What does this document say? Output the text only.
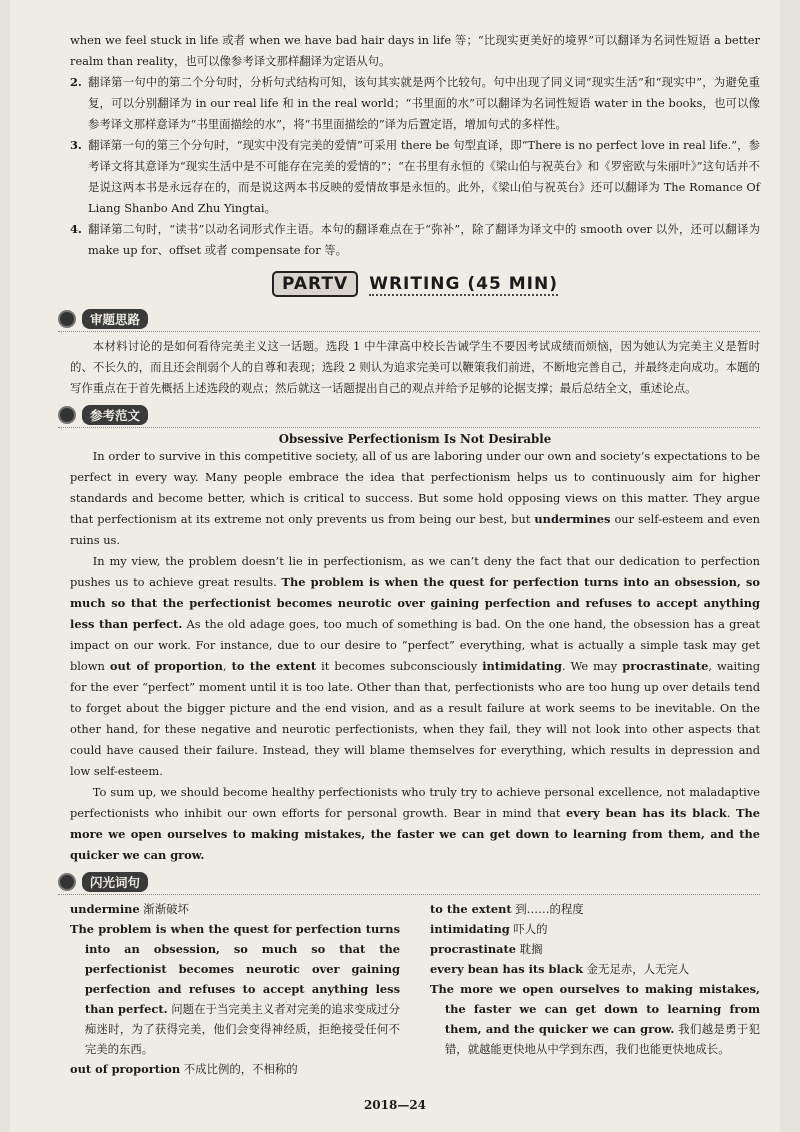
when we feel stuck in life 或者 when we have bad hair days in life 等；“比现实更美好的境界”可以翻译为名词性短语 a better realm than reality，也可以像参考译文那样翻译为定语从句。

2. 翻译第一句中的第二个分句时，分析句式结构可知，该句其实就是两个比较句。句中出现了同义词“现实生活”和“现实中”，为避免重复，可以分别翻译为 in our real life 和 in the real world；“书里面的水”可以翻译为名词性短语 water in the books，也可以像参考译文那样意译为“书里面描绘的水”，将“书里面描绘的”译为后置定语，增加句式的多样性。
3. 翻译第一句的第三个分句时，“现实中没有完美的爱情”可采用 there be 句型直译，即“There is no perfect love in real life.”，参考译文将其意译为“现实生活中是不可能存在完美的爱情的”；“在书里有永恒的《梁山伯与祝英台》和《罗密欧与朱丽叶》”这句话并不是说这两本书是永远存在的，而是说这两本书反映的爱情故事是永恒的。此外，《梁山伯与祝英台》还可以翻译为 The Romance Of Liang Shanbo And Zhu Yingtai。
4. 翻译第二句时，“读书”以动名词形式作主语。本句的翻译难点在于“弥补”，除了翻译为译文中的 smooth over 以外，还可以翻译为 make up for、offset 或者 compensate for 等。
PARTⅤ WRITING (45 MIN)
审题思路

本材料讨论的是如何看待完美主义这一话题。选段 1 中牛津高中校长告诫学生不要因考试成绩而烦恼，因为她认为完美主义是暂时的、不长久的，而且还会削弱个人的自尊和表现；选段 2 则认为追求完美可以鞭策我们前进，不断地完善自己，并最终走向成功。本题的写作重点在于首先概括上述选段的观点；然后就这一话题提出自己的观点并给予足够的论据支撑；最后总结全文，重述论点。

参考范文
Obsessive Perfectionism Is Not Desirable

In order to survive in this competitive society, all of us are laboring under our own and society’s expectations to be perfect in every way. Many people embrace the idea that perfectionism helps us to continuously aim for higher standards and become better, which is critical to success. But some hold opposing views on this matter. They argue that perfectionism at its extreme not only prevents us from being our best, but undermines our self-esteem and even ruins us.

In my view, the problem doesn’t lie in perfectionism, as we can’t deny the fact that our dedication to perfection pushes us to achieve great results. The problem is when the quest for perfection turns into an obsession, so much so that the perfectionist becomes neurotic over gaining perfection and refuses to accept anything less than perfect. As the old adage goes, too much of something is bad. On the one hand, the obsession has a great impact on our work. For instance, due to our desire to “perfect” everything, what is actually a simple task may get blown out of proportion, to the extent it becomes subconsciously intimidating. We may procrastinate, waiting for the ever “perfect” moment until it is too late. Other than that, perfectionists who are too hung up over details tend to forget about the bigger picture and the end vision, and as a result failure at work seems to be inevitable. On the other hand, for these negative and neurotic perfectionists, when they fail, they will not look into other aspects that could have caused their failure. Instead, they will blame themselves for everything, which results in depression and low self-esteem.

To sum up, we should become healthy perfectionists who truly try to achieve personal excellence, not maladaptive perfectionists who inhibit our own efforts for personal growth. Bear in mind that every bean has its black. The more we open ourselves to making mistakes, the faster we can get down to learning from them, and the quicker we can grow.

闪光词句
undermine 渐渐破坏
The problem is when the quest for perfection turns into an obsession, so much so that the perfectionist becomes neurotic over gaining perfection and refuses to accept anything less than perfect. 问题在于当完美主义者对完美的追求变成过分痴迷时，为了获得完美，他们会变得神经质，拒绝接受任何不完美的东西。
out of proportion 不成比例的，不相称的
to the extent 到……的程度
intimidating 吓人的
procrastinate 耽搁
every bean has its black 金无足赤，人无完人
The more we open ourselves to making mistakes, the faster we can get down to learning from them, and the quicker we can grow. 我们越是勇于犯错，就越能更快地从中学到东西，我们也能更快地成长。
2018—24
